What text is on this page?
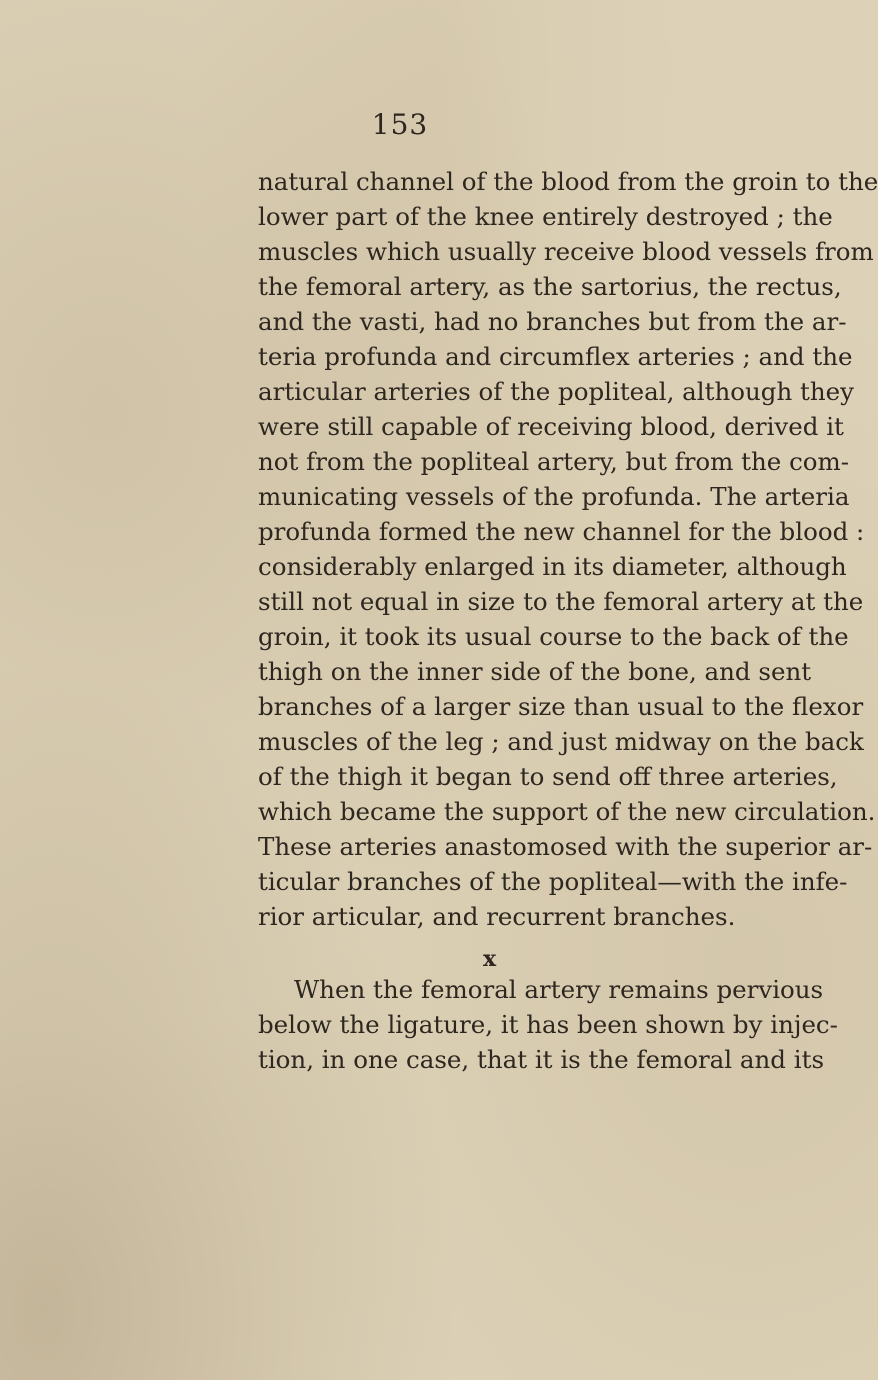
153
natural channel of the blood from the groin to the
lower part of the knee entirely destroyed ; the
muscles which usually receive blood vessels from
the femoral artery, as the sartorius, the rectus,
and the vasti, had no branches but from the ar-
teria profunda and circumflex arteries ; and the
articular arteries of the popliteal, although they
were still capable of receiving blood, derived it
not from the popliteal artery, but from the com-
municating vessels of the profunda. The arteria
profunda formed the new channel for the blood :
considerably enlarged in its diameter, although
still not equal in size to the femoral artery at the
groin, it took its usual course to the back of the
thigh on the inner side of the bone, and sent
branches of a larger size than usual to the flexor
muscles of the leg ; and just midway on the back
of the thigh it began to send off three arteries,
which became the support of the new circulation.
These arteries anastomosed with the superior ar-
ticular branches of the popliteal—with the infe-
rior articular, and recurrent branches.
When the femoral artery remains pervious
below the ligature, it has been shown by injec-
tion, in one case, that it is the femoral and its
x
